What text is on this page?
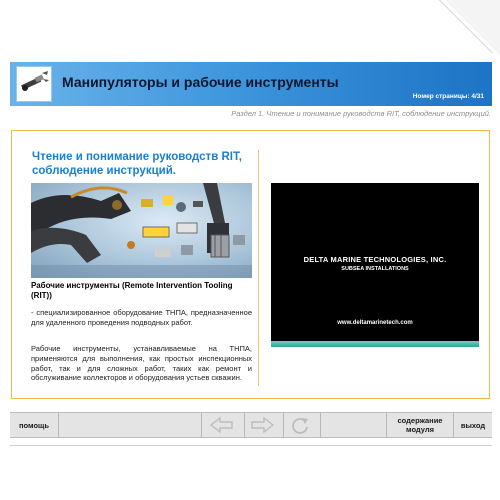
Манипуляторы и рабочие инструменты
Номер страницы: 4/31
Раздел 1. Чтение и понимание руководств RIT, соблюдение инструкций.
Чтение и понимание руководств RIT, соблюдение инструкций.
Рабочие инструменты (Remote Intervention Tooling (RIT))
- специализированное оборудование ТНПА, предназначенное для удаленного проведения подводных работ.
Рабочие инструменты, устанавливаемые на ТНПА, применяются для выполнения, как простых инспекционных работ, так и для сложных работ, таких как ремонт и обслуживание коллекторов и оборудования устьев скважин.
DELTA MARINE TECHNOLOGIES, INC.
SUBSEA INSTALLATIONS
www.deltamarinetech.com
помощь	содержание модуля	выход
